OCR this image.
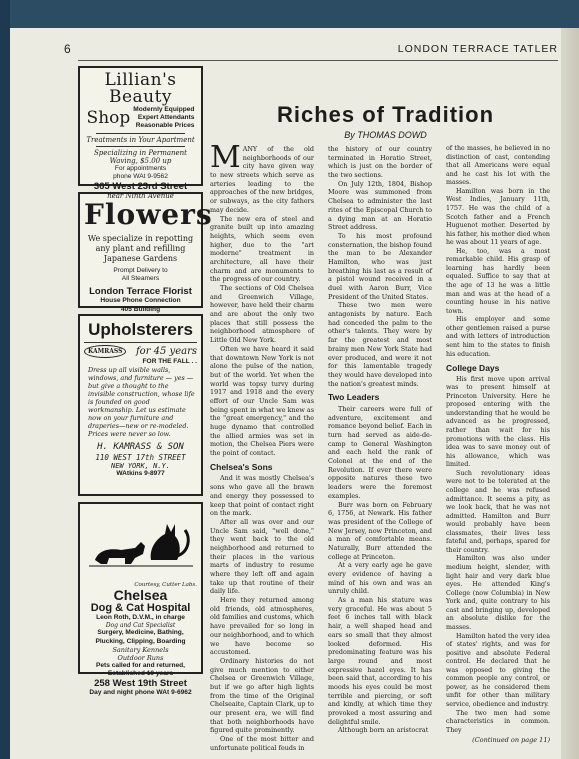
6	LONDON TERRACE TATLER
Lillian's Beauty
Shop Modernly Equipped
Expert Attendants
Reasonable Prices
Treatments in Your Apartment
Specializing in Permanent
Waving, $5.00 up
For appointments
phone WAt 9-9562
365 West 23rd Street
near Ninth Avenue
Flowers
We specialize in repotting any plant and refilling Japanese Gardens
Prompt Delivery to
All Steamers
London Terrace Florist
House Phone Connection
405 Building
Upholsterers
KAMRASS	for 45 years
FOR THE FALL . .
Dress up all visible walls, windows, and furniture — yes — but give a thought to the invisible construction, whose life is founded on good workmanship. Let us estimate now on your furniture and draperies—new or re-modeled. Prices were never so low.
H. KAMRASS & SON
110 WEST 17th STREET
NEW YORK, N.Y.
WAtkins 9-8977
Courtesy, Cutter Labs.
Chelsea
Dog & Cat Hospital
Leon Roth, D.V.M., in charge
Dog and Cat Specialist
Surgery, Medicine, Bathing,
Plucking, Clipping, Boarding
Sanitary Kennels
Outdoor Runs
Pets called for and returned,
Established 10 years
258 West 19th Street
Day and night phone WAt 9-6962
Riches of Tradition
By THOMAS DOWD

MANY of the old neighborhoods of our city have given way to new streets which serve as arteries leading to the approaches of the new bridges, or subways, as the city fathers may decide.

The new era of steel and granite built up into amazing heights, which seem even higher, due to the "art moderne" treatment in architecture, all have their charm and are monuments to the progress of our country.

The sections of Old Chelsea and Greenwich Village, however, have held their charm and are about the only two places that still possess the neighborhood atmosphere of Little Old New York.

Often we have heard it said that downtown New York is not alone the pulse of the nation, but of the world. Yet when the world was topsy turvy during 1917 and 1918 and the every effort of our Uncle Sam was being spent in what we knew as the "great emergency," and the huge dynamo that controlled the allied armies was set in motion, the Chelsea Piers were the point of contact.

Chelsea's Sons

And it was mostly Chelsea's sons who gave all the brawn and energy they possessed to keep that point of contact right on the mark.

After all was over and our Uncle Sam said, "well done," they went back to the old neighborhood and returned to their places in the various marts of industry to resume where they left off and again take up that routine of their daily life.

Here they returned among old friends, old atmospheres, old families and customs, which have prevailed for so long in our neighborhood, and to which we have become so accustomed.

Ordinary histories do not give much mention to either Chelsea or Greenwich Village, but if we go after high lights from the time of the Original Chelseaite, Captain Clark, up to our present era, we will find that both neighborhoods have figured quite prominently.

One of the most bitter and unfortunate political feuds in

the history of our country terminated in Horatio Street, which is just on the border of the two sections.

On July 12th, 1804, Bishop Moore was summoned from Chelsea to administer the last rites of the Episcopal Church to a dying man at an Horatio Street address.

To his most profound consternation, the bishop found the man to be Alexander Hamilton, who was just breathing his last as a result of a pistol wound received in a duel with Aaron Burr, Vice President of the United States.

These two men were antagonists by nature. Each had conceded the palm to the other's talents. They were by far the greatest and most brainy men New York State had ever produced, and were it not for this lamentable tragedy they would have developed into the nation's greatest minds.

Two Leaders

Their careers were full of adventure, excitement and romance beyond belief. Each in turn had served as aide-de-camp to General Washington and each held the rank of Colonel at the end of the Revolution. If ever there were opposite natures these two leaders were the foremost examples.

Burr was born on February 6, 1756, at Newark. His father was president of the College of New Jersey, now Princeton, and a man of comfortable means. Naturally, Burr attended the college at Princeton.

At a very early age he gave every evidence of having a mind of his own and was an unruly child.

As a man his stature was very graceful. He was about 5 feet 6 inches tall with black hair, a well shaped head and ears so small that they almost looked deformed. His predominating feature was his large round and most expressive hazel eyes. It has been said that, according to his moods his eyes could be most terrible and piercing, or soft and kindly, at which time they provoked a most assuring and delightful smile.

Although born an aristocrat

of the masses, he believed in no distinction of cast, contending that all Americans were equal and he cast his lot with the masses.

Hamilton was born in the West Indies, January 11th, 1757. He was the child of a Scotch father and a French Huguenot mother. Deserted by his father, his mother died when he was about 11 years of age.

He, too, was a most remarkable child. His grasp of learning has hardly been equaled. Suffice to say that at the age of 13 he was a little man and was at the head of a counting house in his native town.

His employer and some other gentlemen raised a purse and with letters of introduction sent him to the states to finish his education.

College Days

His first move upon arrival was to present himself at Princeton University. Here he proposed entering with the understanding that he would be advanced as he progressed, rather than wait for his promotions with the class. His idea was to save money out of his allowance, which was limited.

Such revolutionary ideas were not to be tolerated at the college and he was refused admittance. It seems a pity, as we look back, that he was not admitted. Hamilton and Burr would probably have been classmates, their lives less fateful and, perhaps, spared for their country.

Hamilton was also under medium height, slender, with light hair and very dark blue eyes. He attended King's College (now Columbia) in New York and, quite contrary to his cast and bringing up, developed an absolute dislike for the masses.

Hamilton hated the very idea of states' rights, and was for positive and absolute Federal control. He declared that he was opposed to giving the common people any control, or power, as he considered them unfit for other than military service, obedience and industry.

The two men had some characteristics in common. They

(Continued on page 11)
